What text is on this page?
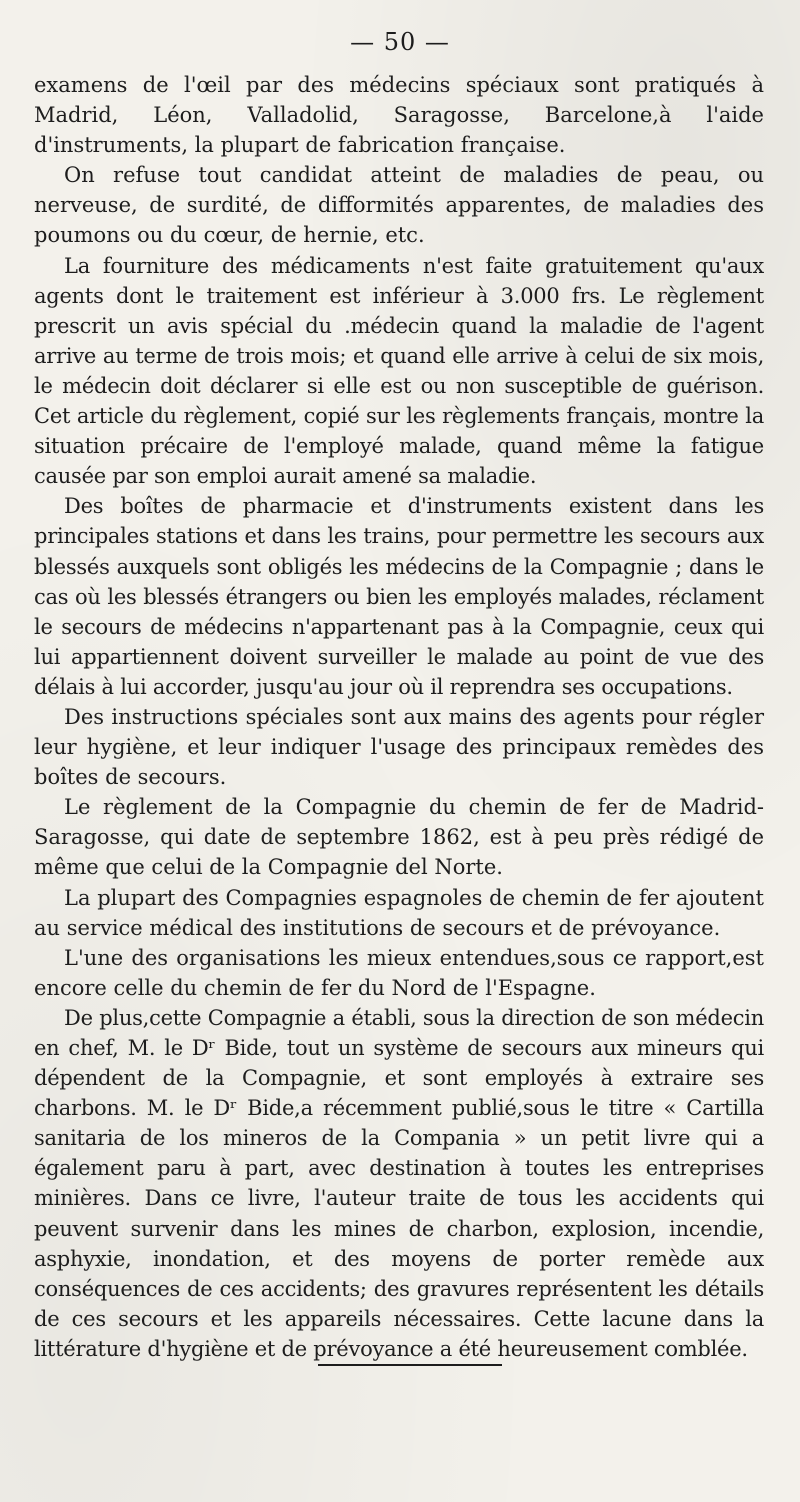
— 50 —

examens de l'œil par des médecins spéciaux sont pratiqués à Madrid, Léon, Valladolid, Saragosse, Barcelone,à l'aide d'instruments, la plupart de fabrication française.

On refuse tout candidat atteint de maladies de peau, ou nerveuse, de surdité, de difformités apparentes, de maladies des poumons ou du cœur, de hernie, etc.

La fourniture des médicaments n'est faite gratuitement qu'aux agents dont le traitement est inférieur à 3.000 frs. Le règlement prescrit un avis spécial du .médecin quand la maladie de l'agent arrive au terme de trois mois; et quand elle arrive à celui de six mois, le médecin doit déclarer si elle est ou non susceptible de guérison. Cet article du règlement, copié sur les règlements français, montre la situation précaire de l'employé malade, quand même la fatigue causée par son emploi aurait amené sa maladie.

Des boîtes de pharmacie et d'instruments existent dans les principales stations et dans les trains, pour permettre les secours aux blessés auxquels sont obligés les médecins de la Compagnie ; dans le cas où les blessés étrangers ou bien les employés malades, réclament le secours de médecins n'appartenant pas à la Compagnie, ceux qui lui appartiennent doivent surveiller le malade au point de vue des délais à lui accorder, jusqu'au jour où il reprendra ses occupations.

Des instructions spéciales sont aux mains des agents pour régler leur hygiène, et leur indiquer l'usage des principaux remèdes des boîtes de secours.

Le règlement de la Compagnie du chemin de fer de Madrid-Saragosse, qui date de septembre 1862, est à peu près rédigé de même que celui de la Compagnie del Norte.

La plupart des Compagnies espagnoles de chemin de fer ajoutent au service médical des institutions de secours et de prévoyance.

L'une des organisations les mieux entendues,sous ce rapport,est encore celle du chemin de fer du Nord de l'Espagne.

De plus,cette Compagnie a établi, sous la direction de son médecin en chef, M. le Dʳ Bide, tout un système de secours aux mineurs qui dépendent de la Compagnie, et sont employés à extraire ses charbons. M. le Dʳ Bide,a récemment publié,sous le titre « Cartilla sanitaria de los mineros de la Compania » un petit livre qui a également paru à part, avec destination à toutes les entreprises minières. Dans ce livre, l'auteur traite de tous les accidents qui peuvent survenir dans les mines de charbon, explosion, incendie, asphyxie, inondation, et des moyens de porter remède aux conséquences de ces accidents; des gravures représentent les détails de ces secours et les appareils nécessaires. Cette lacune dans la littérature d'hygiène et de prévoyance a été heureusement comblée.
